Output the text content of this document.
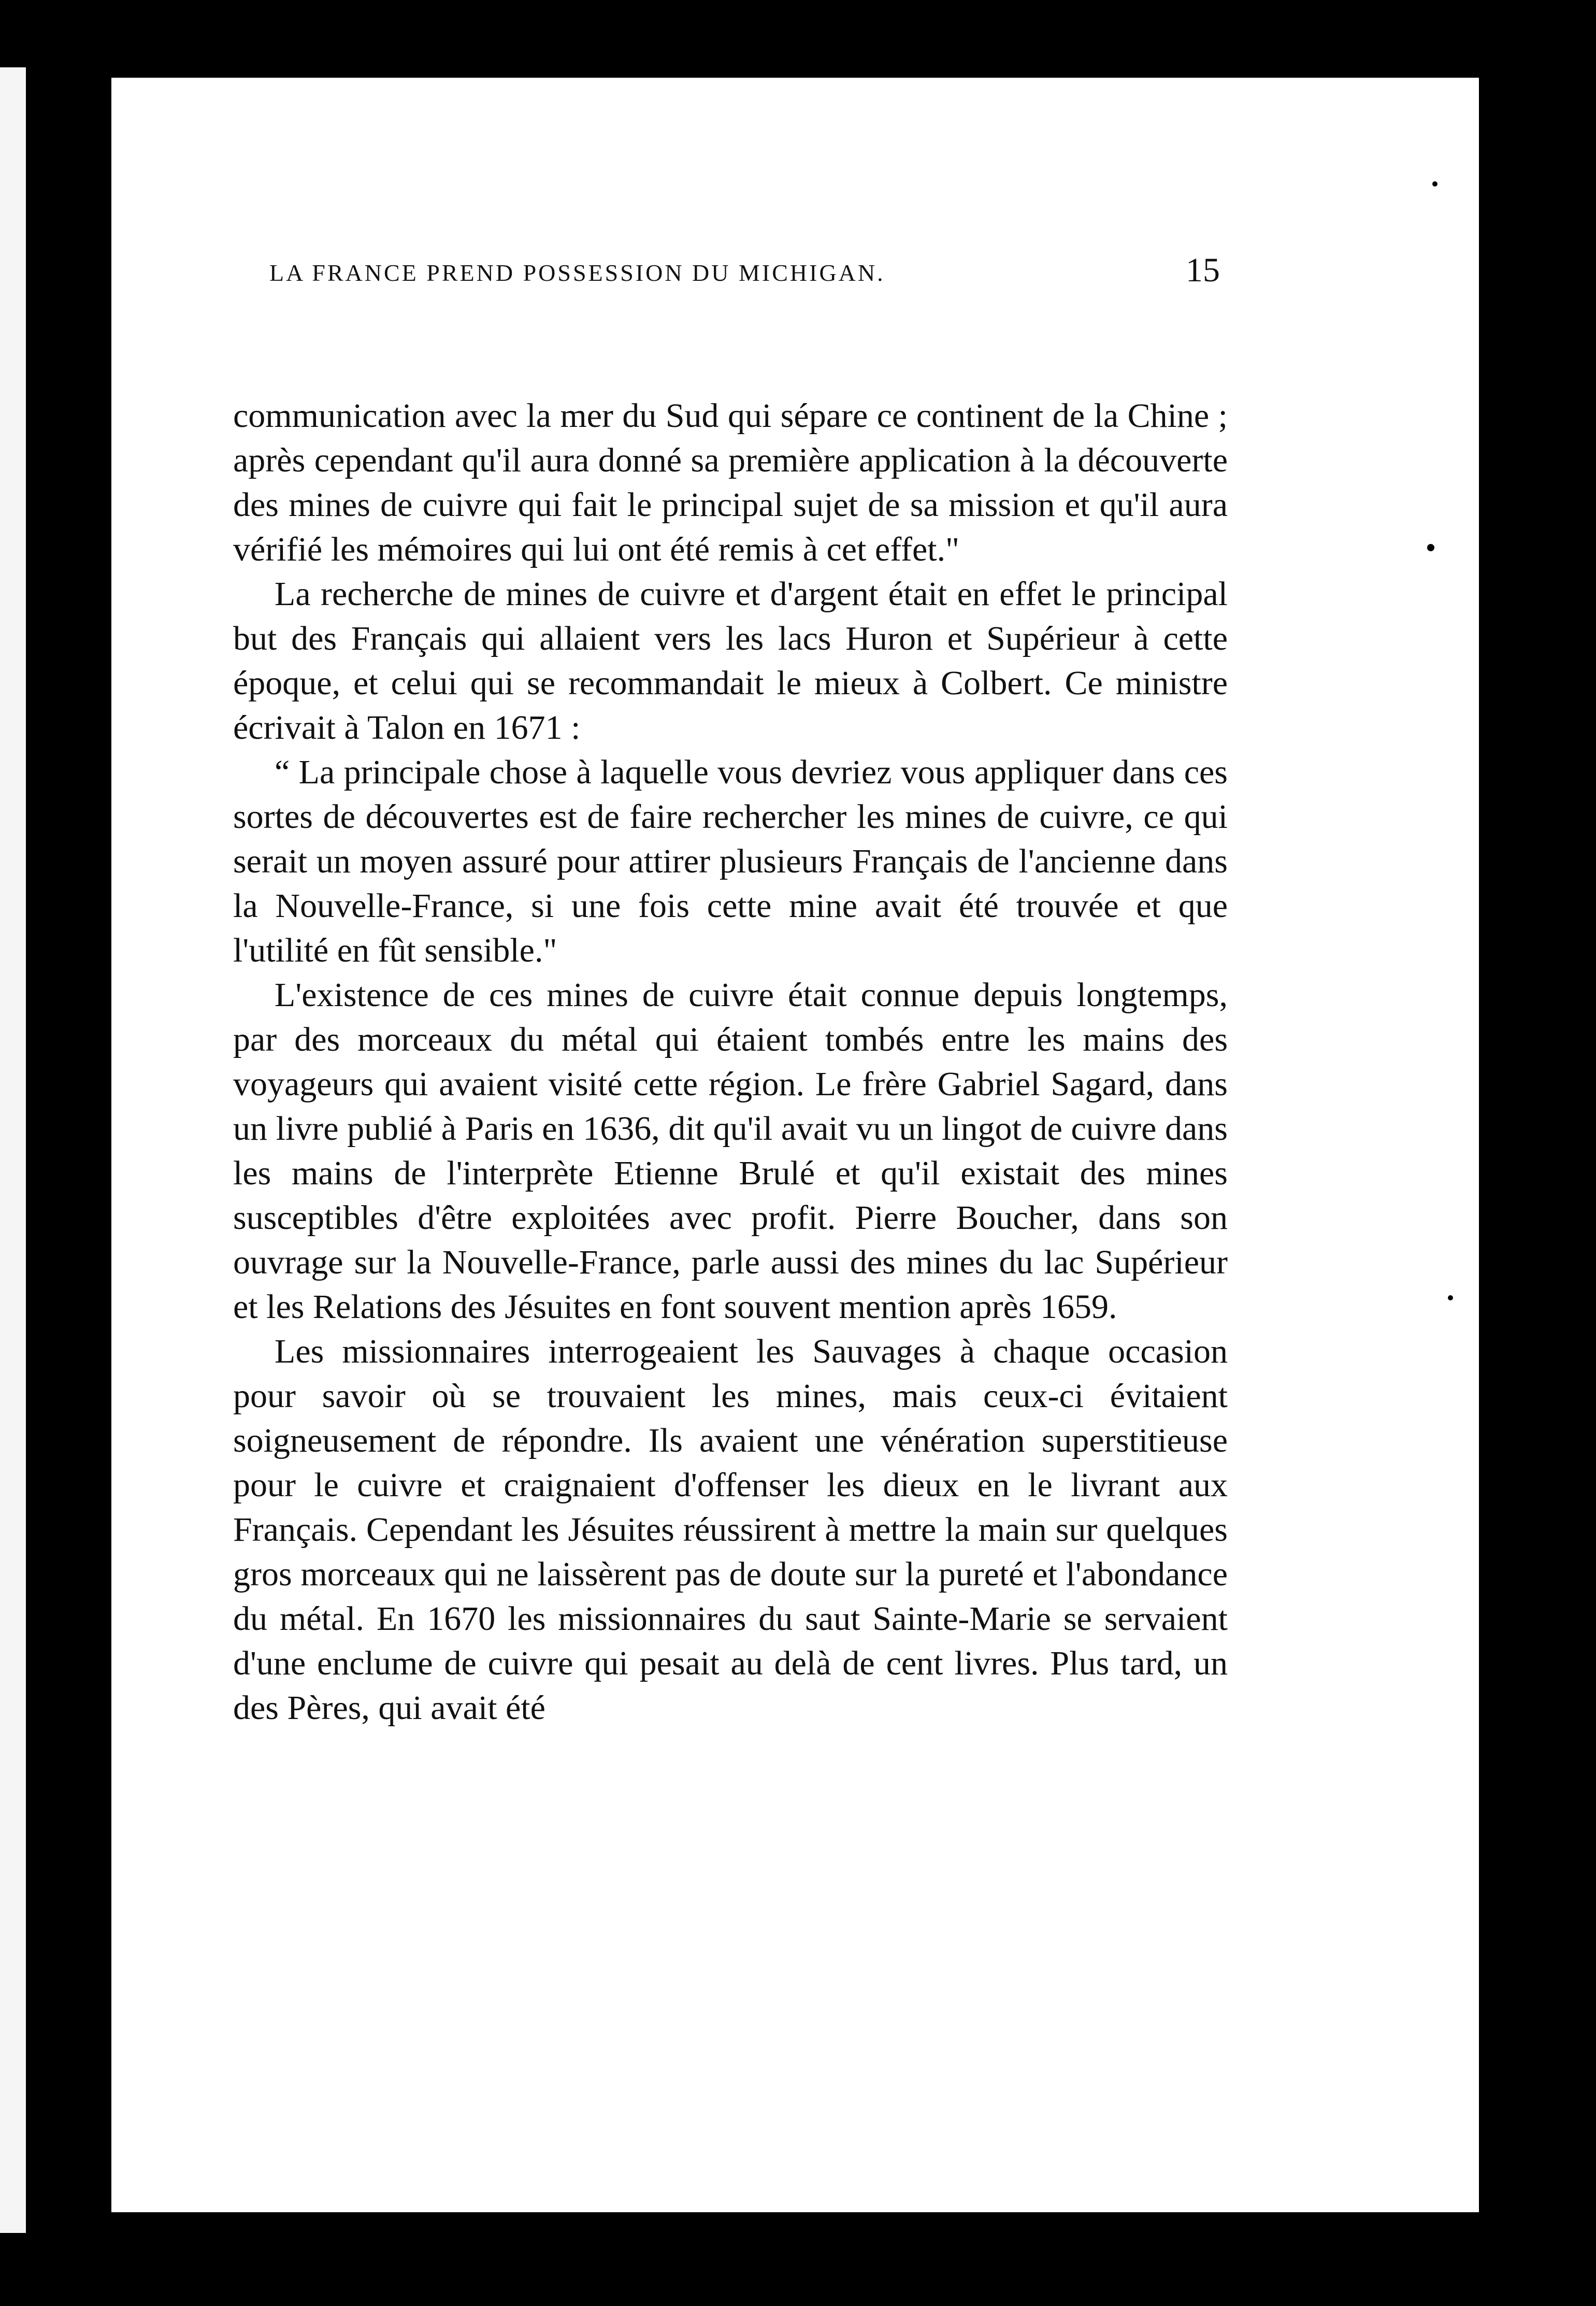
LA FRANCE PREND POSSESSION DU MICHIGAN.	15

communication avec la mer du Sud qui sépare ce continent de la Chine ; après cependant qu'il aura donné sa première application à la découverte des mines de cuivre qui fait le principal sujet de sa mission et qu'il aura vérifié les mémoires qui lui ont été remis à cet effet."

La recherche de mines de cuivre et d'argent était en effet le principal but des Français qui allaient vers les lacs Huron et Supérieur à cette époque, et celui qui se recommandait le mieux à Colbert. Ce ministre écrivait à Talon en 1671 :

“ La principale chose à laquelle vous devriez vous appliquer dans ces sortes de découvertes est de faire rechercher les mines de cuivre, ce qui serait un moyen assuré pour attirer plusieurs Français de l'ancienne dans la Nouvelle-France, si une fois cette mine avait été trouvée et que l'utilité en fût sensible."

L'existence de ces mines de cuivre était connue depuis longtemps, par des morceaux du métal qui étaient tombés entre les mains des voyageurs qui avaient visité cette région. Le frère Gabriel Sagard, dans un livre publié à Paris en 1636, dit qu'il avait vu un lingot de cuivre dans les mains de l'interprète Etienne Brulé et qu'il existait des mines susceptibles d'être exploitées avec profit. Pierre Boucher, dans son ouvrage sur la Nouvelle-France, parle aussi des mines du lac Supérieur et les Relations des Jésuites en font souvent mention après 1659.

Les missionnaires interrogeaient les Sauvages à chaque occasion pour savoir où se trouvaient les mines, mais ceux-ci évitaient soigneusement de répondre. Ils avaient une vénération superstitieuse pour le cuivre et craignaient d'offenser les dieux en le livrant aux Français. Cependant les Jésuites réussirent à mettre la main sur quelques gros morceaux qui ne laissèrent pas de doute sur la pureté et l'abondance du métal. En 1670 les missionnaires du saut Sainte-Marie se servaient d'une enclume de cuivre qui pesait au delà de cent livres. Plus tard, un des Pères, qui avait été
